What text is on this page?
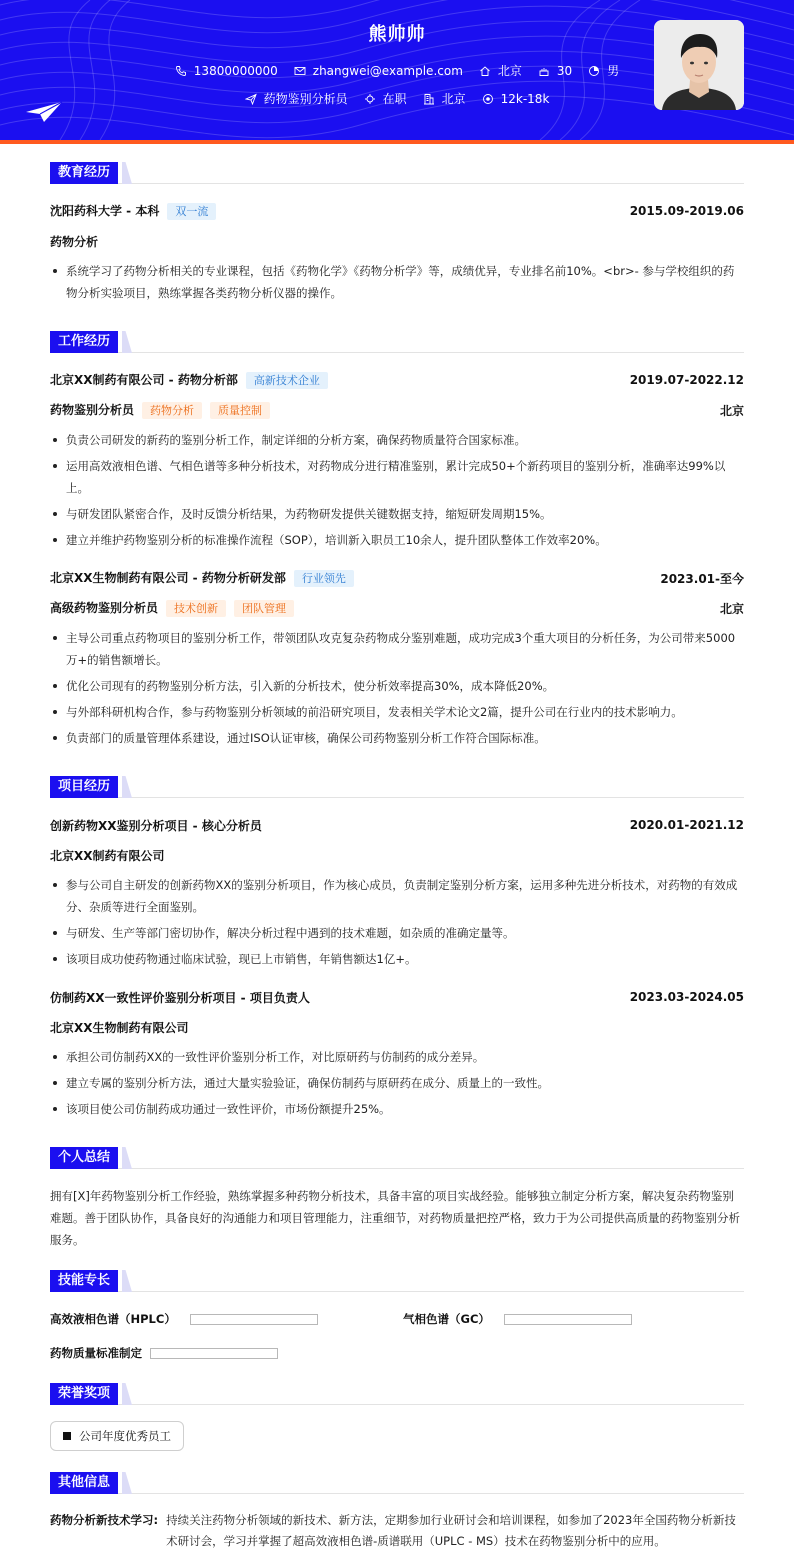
熊帅帅
13800000000	zhangwei@example.com	北京	30	男
药物鉴别分析员	在职	北京	12k-18k
教育经历
沈阳药科大学 - 本科 双一流	2015.09-2019.06
药物分析
系统学习了药物分析相关的专业课程，包括《药物化学》《药物分析学》等，成绩优异，专业排名前10%。<br>- 参与学校组织的药物分析实验项目，熟练掌握各类药物分析仪器的操作。
工作经历
北京XX制药有限公司 - 药物分析部 高新技术企业	2019.07-2022.12
药物鉴别分析员 药物分析 质量控制	北京
负责公司研发的新药的鉴别分析工作，制定详细的分析方案，确保药物质量符合国家标准。
运用高效液相色谱、气相色谱等多种分析技术，对药物成分进行精准鉴别，累计完成50+个新药项目的鉴别分析，准确率达99%以上。
与研发团队紧密合作，及时反馈分析结果，为药物研发提供关键数据支持，缩短研发周期15%。
建立并维护药物鉴别分析的标准操作流程（SOP），培训新入职员工10余人，提升团队整体工作效率20%。
北京XX生物制药有限公司 - 药物分析研发部 行业领先	2023.01-至今
高级药物鉴别分析员 技术创新 团队管理	北京
主导公司重点药物项目的鉴别分析工作，带领团队攻克复杂药物成分鉴别难题，成功完成3个重大项目的分析任务，为公司带来5000万+的销售额增长。
优化公司现有的药物鉴别分析方法，引入新的分析技术，使分析效率提高30%，成本降低20%。
与外部科研机构合作，参与药物鉴别分析领域的前沿研究项目，发表相关学术论文2篇，提升公司在行业内的技术影响力。
负责部门的质量管理体系建设，通过ISO认证审核，确保公司药物鉴别分析工作符合国际标准。
项目经历
创新药物XX鉴别分析项目 - 核心分析员	2020.01-2021.12
北京XX制药有限公司
参与公司自主研发的创新药物XX的鉴别分析项目，作为核心成员，负责制定鉴别分析方案，运用多种先进分析技术，对药物的有效成分、杂质等进行全面鉴别。
与研发、生产等部门密切协作，解决分析过程中遇到的技术难题，如杂质的准确定量等。
该项目成功使药物通过临床试验，现已上市销售，年销售额达1亿+。
仿制药XX一致性评价鉴别分析项目 - 项目负责人	2023.03-2024.05
北京XX生物制药有限公司
承担公司仿制药XX的一致性评价鉴别分析工作，对比原研药与仿制药的成分差异。
建立专属的鉴别分析方法，通过大量实验验证，确保仿制药与原研药在成分、质量上的一致性。
该项目使公司仿制药成功通过一致性评价，市场份额提升25%。
个人总结
拥有[X]年药物鉴别分析工作经验，熟练掌握多种药物分析技术，具备丰富的项目实战经验。能够独立制定分析方案，解决复杂药物鉴别难题。善于团队协作，具备良好的沟通能力和项目管理能力，注重细节，对药物质量把控严格，致力于为公司提供高质量的药物鉴别分析服务。
技能专长
高效液相色谱（HPLC）	气相色谱（GC）
药物质量标准制定
荣誉奖项
公司年度优秀员工
其他信息
药物分析新技术学习: 持续关注药物分析领域的新技术、新方法，定期参加行业研讨会和培训课程，如参加了2023年全国药物分析新技术研讨会，学习并掌握了超高效液相色谱-质谱联用（UPLC - MS）技术在药物鉴别分析中的应用。
